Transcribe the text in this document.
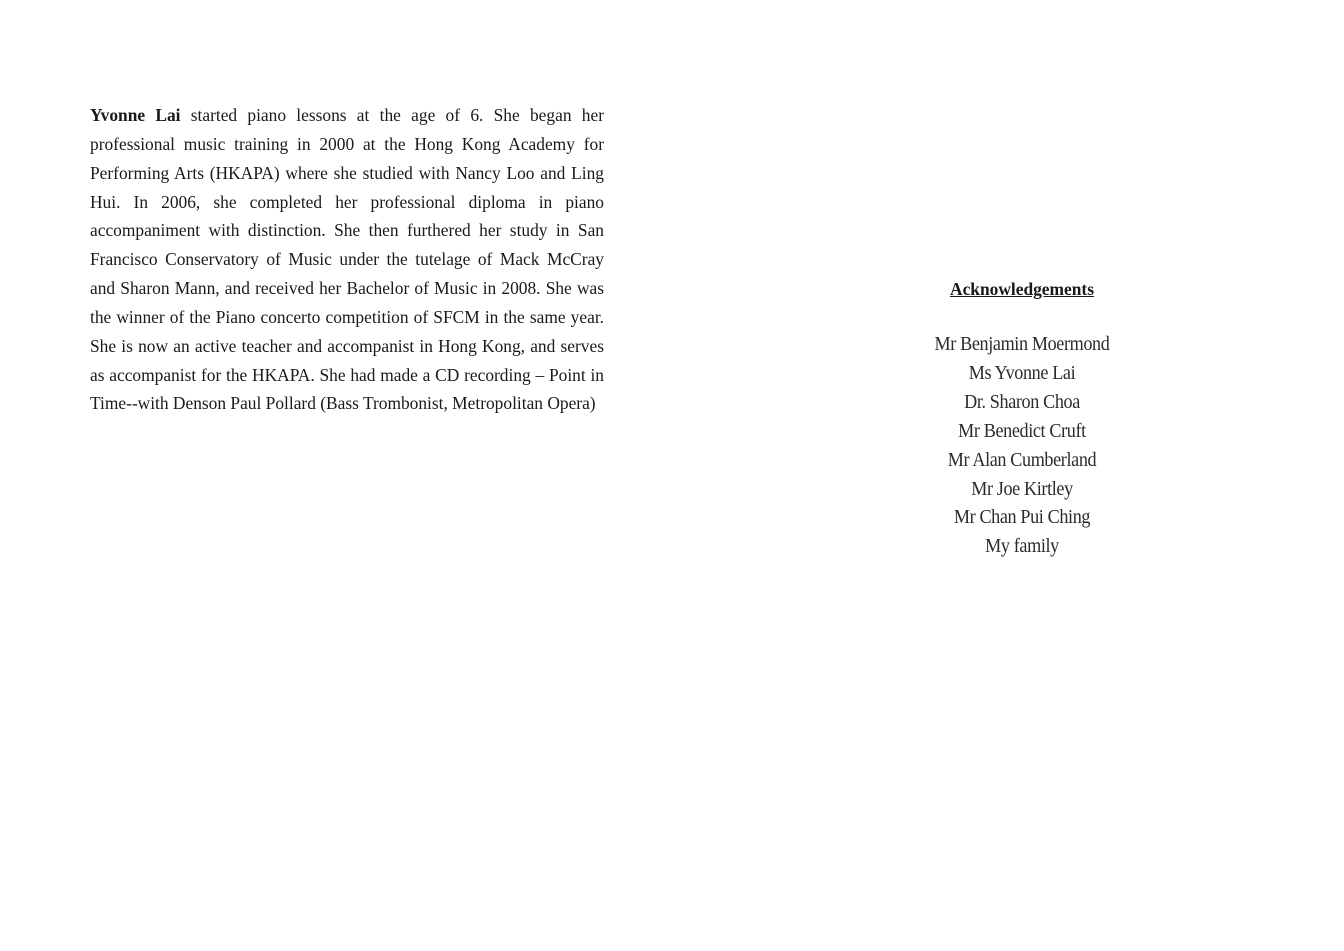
Yvonne Lai started piano lessons at the age of 6. She began her professional music training in 2000 at the Hong Kong Academy for Performing Arts (HKAPA) where she studied with Nancy Loo and Ling Hui. In 2006, she completed her professional diploma in piano accompaniment with distinction. She then furthered her study in San Francisco Conservatory of Music under the tutelage of Mack McCray and Sharon Mann, and received her Bachelor of Music in 2008. She was the winner of the Piano concerto competition of SFCM in the same year. She is now an active teacher and accompanist in Hong Kong, and serves as accompanist for the HKAPA. She had made a CD recording – Point in Time--with Denson Paul Pollard (Bass Trombonist, Metropolitan Opera)

Acknowledgements

Mr Benjamin Moermond
Ms Yvonne Lai
Dr. Sharon Choa
Mr Benedict Cruft
Mr Alan Cumberland
Mr Joe Kirtley
Mr Chan Pui Ching
My family
